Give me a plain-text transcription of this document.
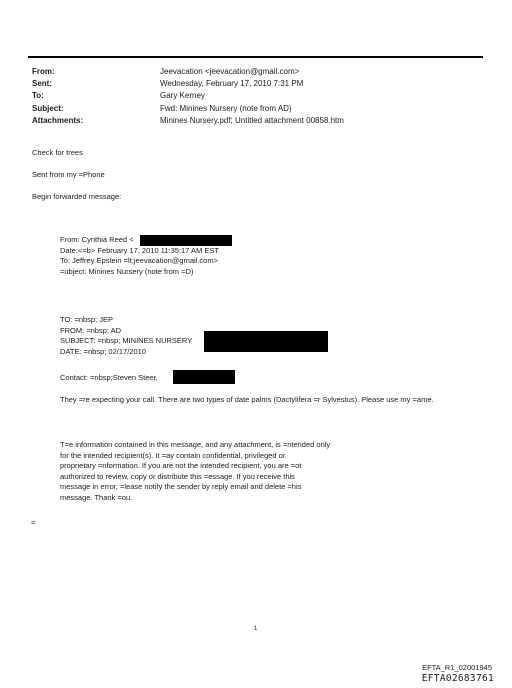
From:	Jeevacation <jeevacation@gmail.com>
Sent:	Wednesday, February 17, 2010 7:31 PM
To:	Gary Kerney
Subject:	Fwd: Minines Nursery (note from AD)
Attachments:	Minines Nursery.pdf; Untitled attachment 00858.htm
Check for trees
Sent from my =Phone
Begin forwarded message:
From: Cynthia Reed <
Date:<=b> February 17, 2010 11:35:17 AM EST
To: Jeffrey Epstein =lt;jeevacation@gmail.com>
=ubject: Minines Nursery (note from =D)
TO: =nbsp; JEP
FROM: =nbsp; AD
SUBJECT: =nbsp; MININES NURSERY
DATE: =nbsp; 02/17/2010
Contact: =nbsp;Steven Steer,
They =re expecting your call. There are two types of date palms (Dactylifera =r Sylvestus). Please use my =ame.
T=e information contained in this message, and any attachment, is =ntended only
for the intended recipient(s). It =ay contain confidential, privileged or
proprietary =nformation. If you are not the intended recipient, you are =ot
authorized to review, copy or distribute this =essage. If you receive this
message in error, =lease notify the sender by reply email and delete =his
message. Thank =ou.
=
1
EFTA_R1_02001945
EFTA02683761
